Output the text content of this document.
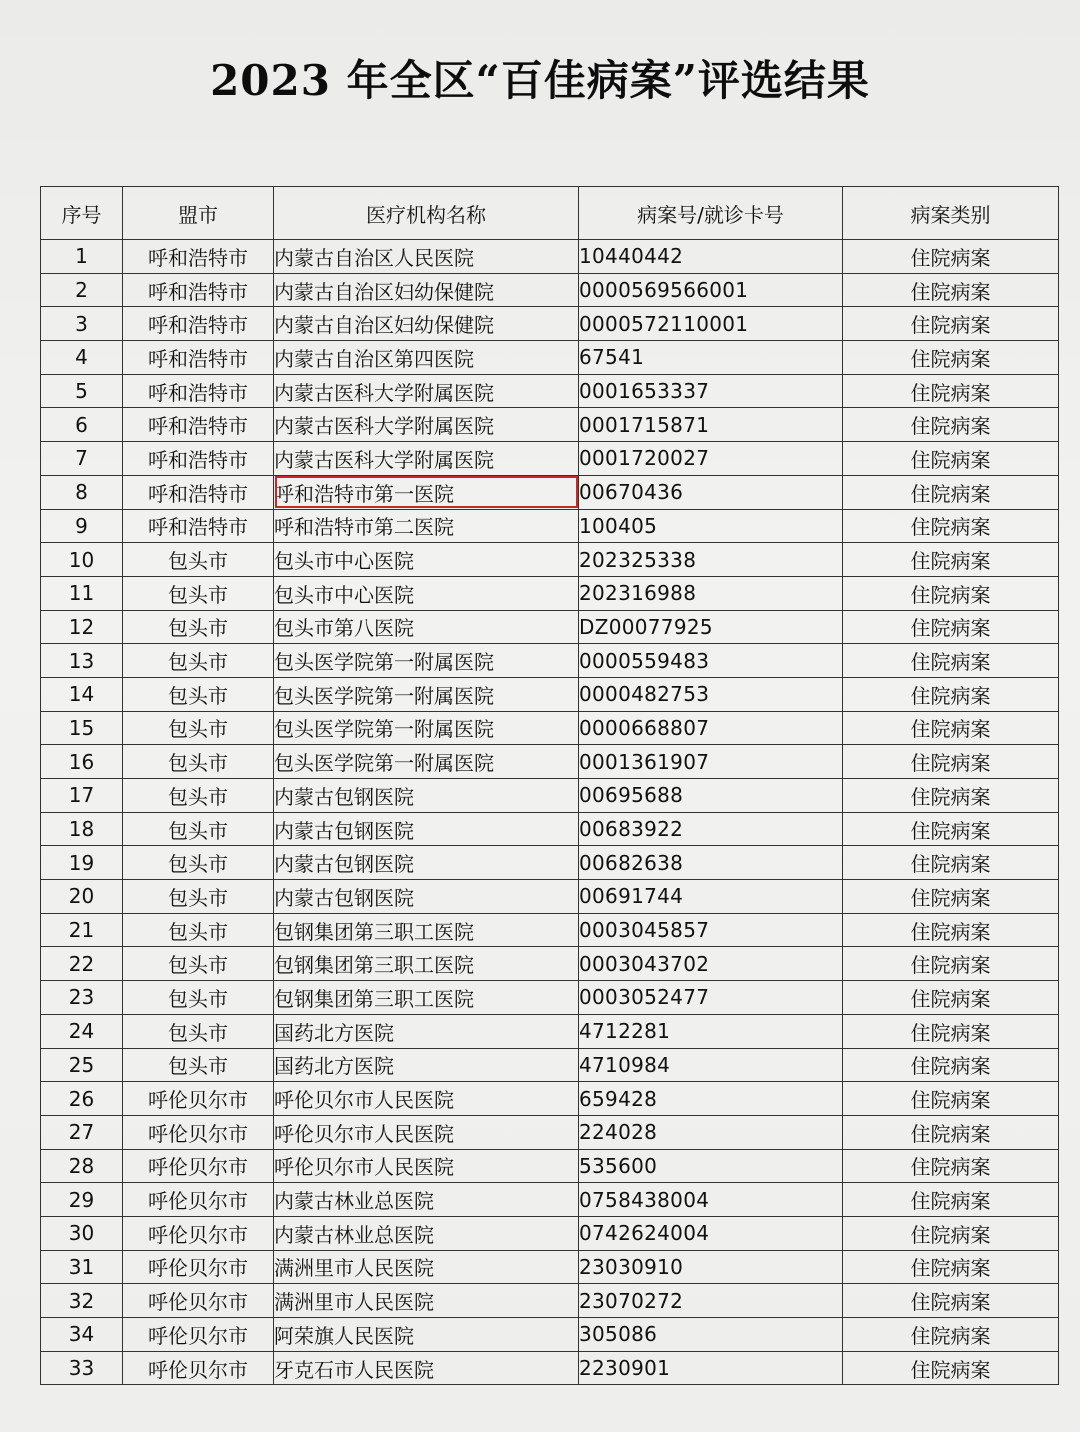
2023 年全区“百佳病案”评选结果
序号	盟市	医疗机构名称	病案号/就诊卡号	病案类别
1	呼和浩特市	内蒙古自治区人民医院	10440442	住院病案
2	呼和浩特市	内蒙古自治区妇幼保健院	0000569566001	住院病案
3	呼和浩特市	内蒙古自治区妇幼保健院	0000572110001	住院病案
4	呼和浩特市	内蒙古自治区第四医院	67541	住院病案
5	呼和浩特市	内蒙古医科大学附属医院	0001653337	住院病案
6	呼和浩特市	内蒙古医科大学附属医院	0001715871	住院病案
7	呼和浩特市	内蒙古医科大学附属医院	0001720027	住院病案
8	呼和浩特市	呼和浩特市第一医院	00670436	住院病案
9	呼和浩特市	呼和浩特市第二医院	100405	住院病案
10	包头市	包头市中心医院	202325338	住院病案
11	包头市	包头市中心医院	202316988	住院病案
12	包头市	包头市第八医院	DZ00077925	住院病案
13	包头市	包头医学院第一附属医院	0000559483	住院病案
14	包头市	包头医学院第一附属医院	0000482753	住院病案
15	包头市	包头医学院第一附属医院	0000668807	住院病案
16	包头市	包头医学院第一附属医院	0001361907	住院病案
17	包头市	内蒙古包钢医院	00695688	住院病案
18	包头市	内蒙古包钢医院	00683922	住院病案
19	包头市	内蒙古包钢医院	00682638	住院病案
20	包头市	内蒙古包钢医院	00691744	住院病案
21	包头市	包钢集团第三职工医院	0003045857	住院病案
22	包头市	包钢集团第三职工医院	0003043702	住院病案
23	包头市	包钢集团第三职工医院	0003052477	住院病案
24	包头市	国药北方医院	4712281	住院病案
25	包头市	国药北方医院	4710984	住院病案
26	呼伦贝尔市	呼伦贝尔市人民医院	659428	住院病案
27	呼伦贝尔市	呼伦贝尔市人民医院	224028	住院病案
28	呼伦贝尔市	呼伦贝尔市人民医院	535600	住院病案
29	呼伦贝尔市	内蒙古林业总医院	0758438004	住院病案
30	呼伦贝尔市	内蒙古林业总医院	0742624004	住院病案
31	呼伦贝尔市	满洲里市人民医院	23030910	住院病案
32	呼伦贝尔市	满洲里市人民医院	23070272	住院病案
34	呼伦贝尔市	阿荣旗人民医院	305086	住院病案
33	呼伦贝尔市	牙克石市人民医院	2230901	住院病案
